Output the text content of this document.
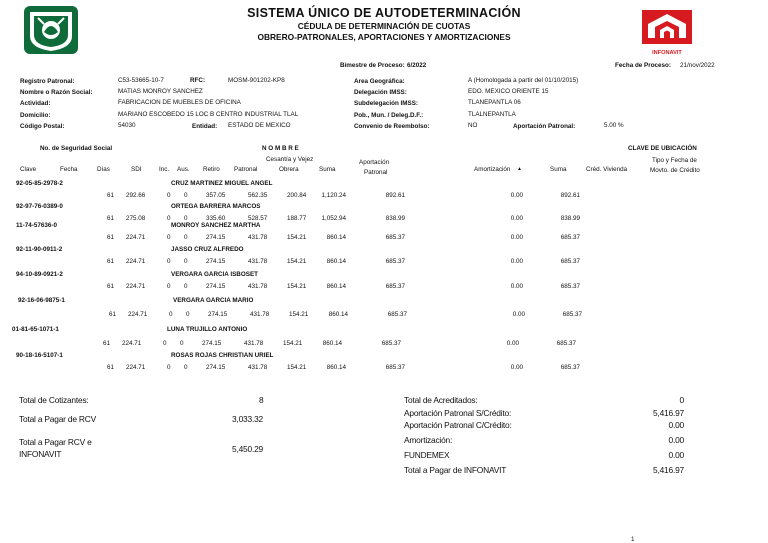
SISTEMA ÚNICO DE AUTODETERMINACIÓN
CÉDULA DE DETERMINACIÓN DE CUOTAS
OBRERO-PATRONALES, APORTACIONES Y AMORTIZACIONES
INFONAVIT
Bimestre de Proceso: 6/2022	Fecha de Proceso: 21/nov/2022
Registro Patronal:	C53-53665-10-7	RFC:	MOSM-901202-KP8
Nombre o Razón Social:	MATIAS MONROY SANCHEZ
Actividad:	FABRICACION DE MUEBLES DE OFICINA
Domicilio:	MARIANO ESCOBEDO 15 LOC B CENTRO INDUSTRIAL TLAL
Código Postal:	54030	Entidad: ESTADO DE MEXICO
Area Geográfica:	A (Homologada a partir del 01/10/2015)
Delegación IMSS:	EDO. MEXICO ORIENTE 15
Subdelegación IMSS:	TLANEPANTLA 06
Pob., Mun. / Deleg.D.F.:	TLALNEPANTLA
Convenio de Reembolso:	NO	Aportación Patronal:	5.00 %
No. de Seguridad Social	N O M B R E	CLAVE DE UBICACIÓN
Cesantía y Vejez	Aportación	Tipo y Fecha de
Clave	Fecha	Días	SDI	Inc. Aus. Retiro Patronal	Obrera	Suma	Patronal	Amortización ▲	Suma	Créd. Vivienda	Movto. de Crédito
92-05-85-2978-2	CRUZ MARTINEZ MIGUEL ANGEL
61 292.66	0 0	357.05	562.35	200.84	1,120.24	892.61	0.00	892.61
92-97-76-0389-0	ORTEGA BARRERA MARCOS
61 275.08	0 0	335.60	528.57	188.77	1,052.94	838.99	0.00	838.99
11-74-57636-0	MONROY SANCHEZ MARTHA
61 224.71	0 0	274.15	431.78	154.21	860.14	685.37	0.00	685.37
92-11-90-0911-2	JASSO CRUZ ALFREDO
61 224.71	0 0	274.15	431.78	154.21	860.14	685.37	0.00	685.37
94-10-89-0921-2	VERGARA GARCIA ISBOSET
61 224.71	0 0	274.15	431.78	154.21	860.14	685.37	0.00	685.37
92-16-06-9875-1	VERGARA GARCIA MARIO
61 224.71	0 0	274.15	431.78	154.21	860.14	685.37	0.00	685.37
01-81-65-1071-1	LUNA TRUJILLO ANTONIO
61 224.71	0 0	274.15	431.78	154.21	860.14	685.37	0.00	685.37
90-18-16-5107-1	ROSAS ROJAS CHRISTIAN URIEL
61 224.71	0 0	274.15	431.78	154.21	860.14	685.37	0.00	685.37
Total de Cotizantes:	8
Total a Pagar de RCV	3,033.32
Total a Pagar RCV e
INFONAVIT	5,450.29
Total de Acreditados:	0
Aportación Patronal S/Crédito:	5,416.97
Aportación Patronal C/Crédito:	0.00
Amortización:	0.00
FUNDEMEX	0.00
Total a Pagar de INFONAVIT	5,416.97
1
